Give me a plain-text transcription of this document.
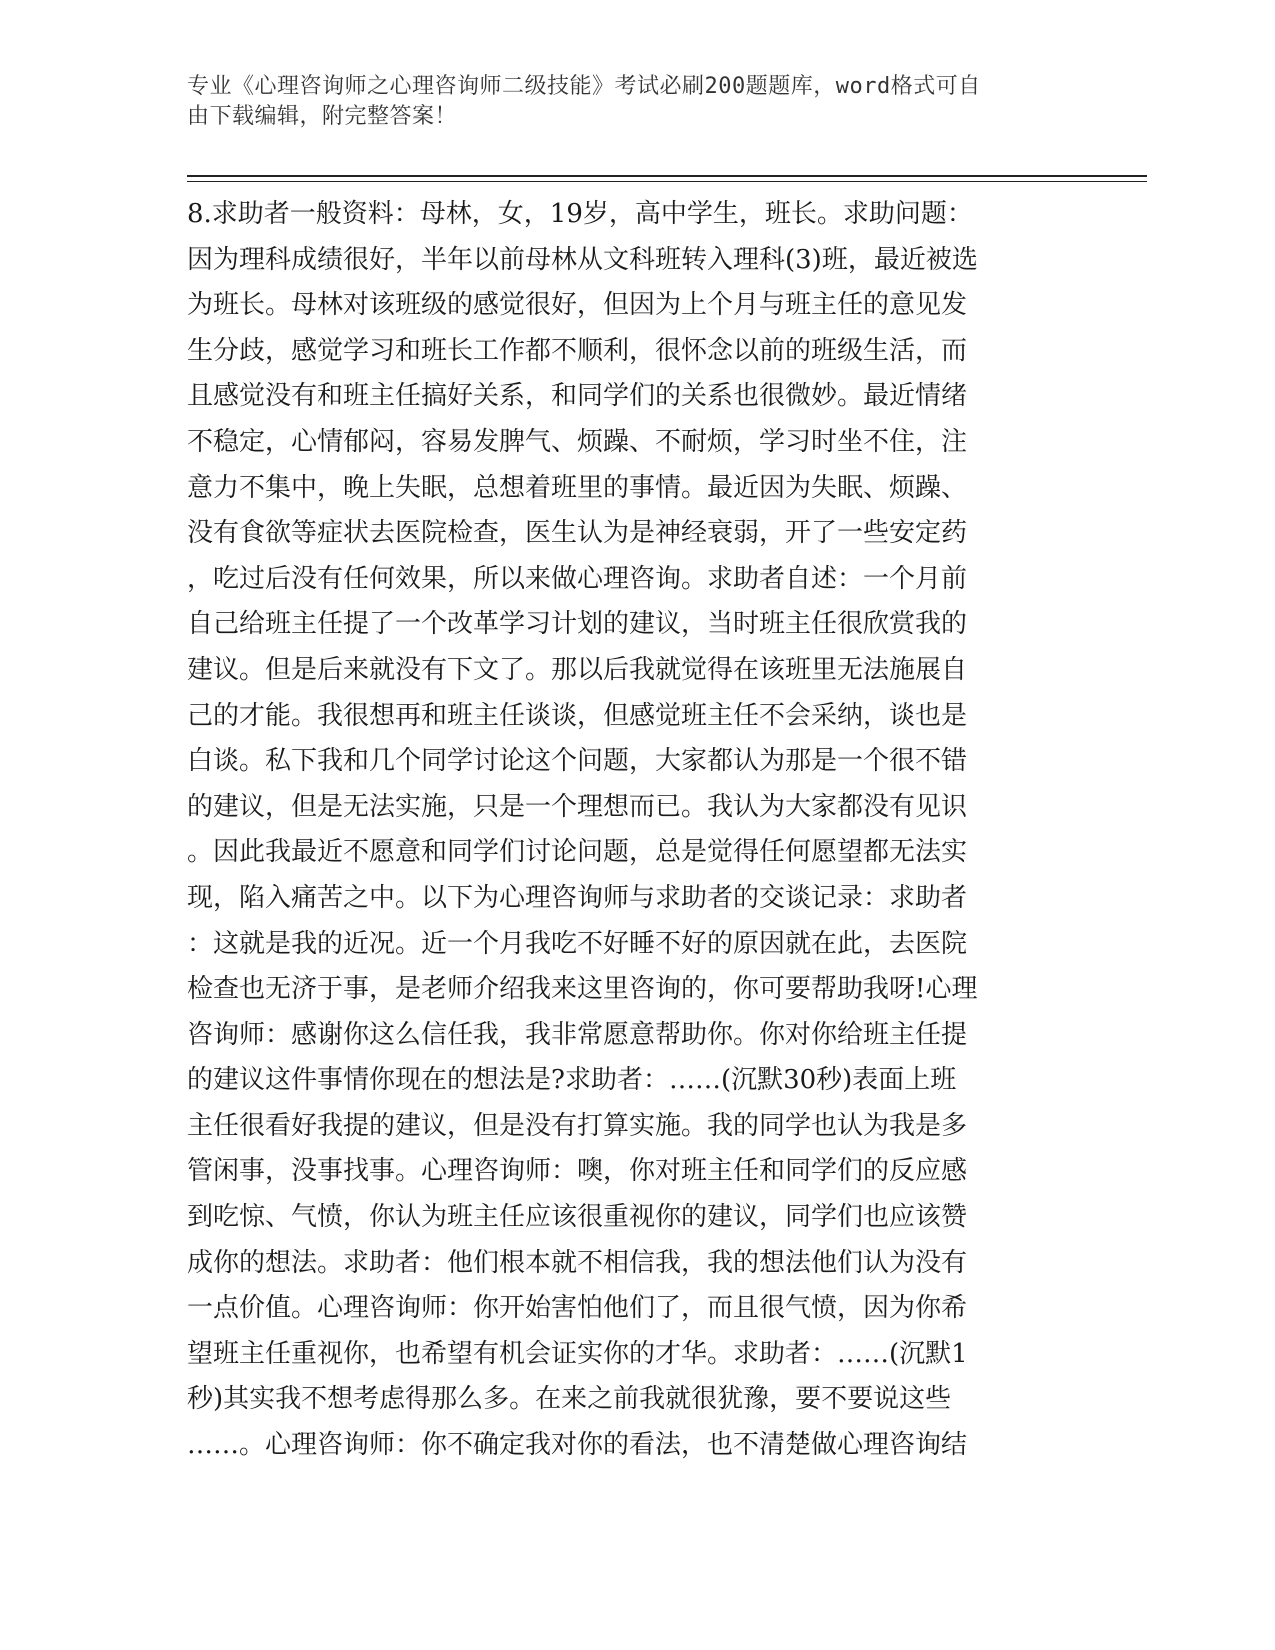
专业《心理咨询师之心理咨询师二级技能》考试必刷200题题库，word格式可自
由下载编辑，附完整答案！
8.求助者一般资料：母林，女，19岁，高中学生，班长。求助问题：
因为理科成绩很好，半年以前母林从文科班转入理科(3)班，最近被选
为班长。母林对该班级的感觉很好，但因为上个月与班主任的意见发
生分歧，感觉学习和班长工作都不顺利，很怀念以前的班级生活，而
且感觉没有和班主任搞好关系，和同学们的关系也很微妙。最近情绪
不稳定，心情郁闷，容易发脾气、烦躁、不耐烦，学习时坐不住，注
意力不集中，晚上失眠，总想着班里的事情。最近因为失眠、烦躁、
没有食欲等症状去医院检查，医生认为是神经衰弱，开了一些安定药
，吃过后没有任何效果，所以来做心理咨询。求助者自述：一个月前
自己给班主任提了一个改革学习计划的建议，当时班主任很欣赏我的
建议。但是后来就没有下文了。那以后我就觉得在该班里无法施展自
己的才能。我很想再和班主任谈谈，但感觉班主任不会采纳，谈也是
白谈。私下我和几个同学讨论这个问题，大家都认为那是一个很不错
的建议，但是无法实施，只是一个理想而已。我认为大家都没有见识
。因此我最近不愿意和同学们讨论问题，总是觉得任何愿望都无法实
现，陷入痛苦之中。以下为心理咨询师与求助者的交谈记录：求助者
：这就是我的近况。近一个月我吃不好睡不好的原因就在此，去医院
检查也无济于事，是老师介绍我来这里咨询的，你可要帮助我呀!心理
咨询师：感谢你这么信任我，我非常愿意帮助你。你对你给班主任提
的建议这件事情你现在的想法是?求助者：……(沉默30秒)表面上班
主任很看好我提的建议，但是没有打算实施。我的同学也认为我是多
管闲事，没事找事。心理咨询师：噢，你对班主任和同学们的反应感
到吃惊、气愤，你认为班主任应该很重视你的建议，同学们也应该赞
成你的想法。求助者：他们根本就不相信我，我的想法他们认为没有
一点价值。心理咨询师：你开始害怕他们了，而且很气愤，因为你希
望班主任重视你，也希望有机会证实你的才华。求助者：……(沉默1
秒)其实我不想考虑得那么多。在来之前我就很犹豫，要不要说这些
……。心理咨询师：你不确定我对你的看法，也不清楚做心理咨询结
